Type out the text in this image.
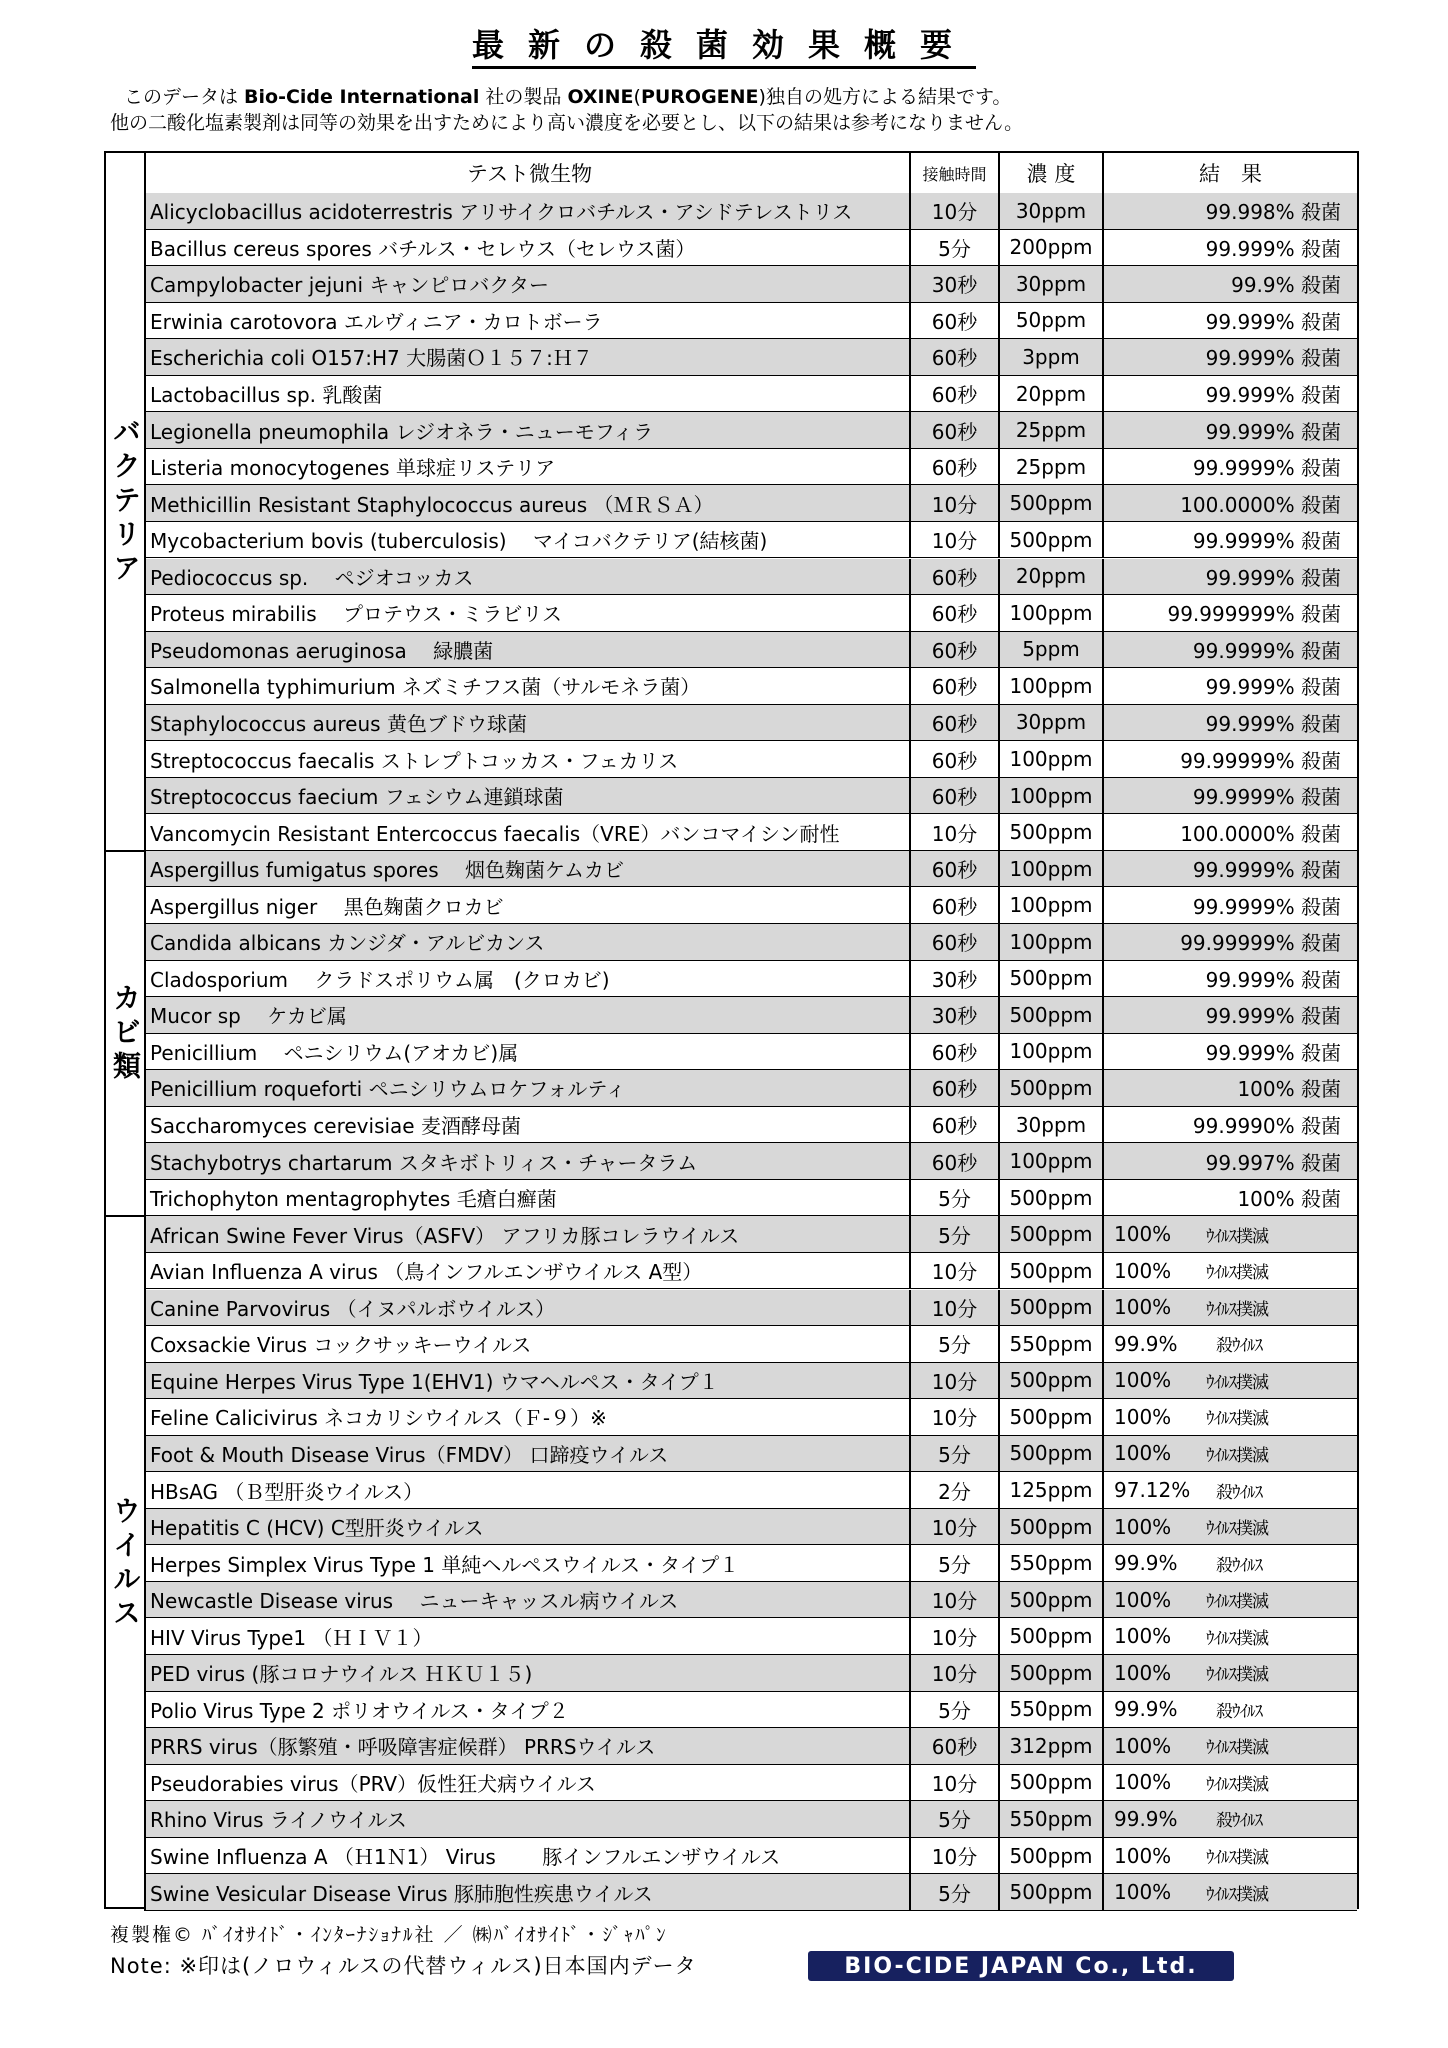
最新の殺菌効果概要
このデータは Bio-Cide International 社の製品 OXINE(PUROGENE)独自の処方による結果です。
他の二酸化塩素製剤は同等の効果を出すためにより高い濃度を必要とし、以下の結果は参考になりません。
テスト微生物	接触時間	濃 度	結　果
バクテリア
カビ類
ウイルス
Alicyclobacillus acidoterrestris アリサイクロバチルス・アシドテレストリス	10分	30ppm	99.998% 殺菌
Bacillus cereus spores バチルス・セレウス（セレウス菌）	5分	200ppm	99.999% 殺菌
Campylobacter jejuni キャンピロバクター	30秒	30ppm	99.9% 殺菌
Erwinia carotovora エルヴィニア・カロトボーラ	60秒	50ppm	99.999% 殺菌
Escherichia coli O157:H7 大腸菌Ｏ１５７:Ｈ７	60秒	3ppm	99.999% 殺菌
Lactobacillus sp. 乳酸菌	60秒	20ppm	99.999% 殺菌
Legionella pneumophila レジオネラ・ニューモフィラ	60秒	25ppm	99.999% 殺菌
Listeria monocytogenes 単球症リステリア	60秒	25ppm	99.9999% 殺菌
Methicillin Resistant Staphylococcus aureus （ＭＲＳＡ）	10分	500ppm	100.0000% 殺菌
Mycobacterium bovis (tuberculosis)　 マイコバクテリア(結核菌)	10分	500ppm	99.9999% 殺菌
Pediococcus sp.　 ペジオコッカス	60秒	20ppm	99.999% 殺菌
Proteus mirabilis　 プロテウス・ミラビリス	60秒	100ppm	99.999999% 殺菌
Pseudomonas aeruginosa　 緑膿菌	60秒	5ppm	99.9999% 殺菌
Salmonella typhimurium ネズミチフス菌（サルモネラ菌）	60秒	100ppm	99.999% 殺菌
Staphylococcus aureus 黄色ブドウ球菌	60秒	30ppm	99.999% 殺菌
Streptococcus faecalis ストレプトコッカス・フェカリス	60秒	100ppm	99.99999% 殺菌
Streptococcus faecium フェシウム連鎖球菌	60秒	100ppm	99.9999% 殺菌
Vancomycin Resistant Entercoccus faecalis（VRE）バンコマイシン耐性	10分	500ppm	100.0000% 殺菌
Aspergillus fumigatus spores　 烟色麹菌ケムカビ	60秒	100ppm	99.9999% 殺菌
Aspergillus niger　 黒色麹菌クロカビ	60秒	100ppm	99.9999% 殺菌
Candida albicans カンジダ・アルビカンス	60秒	100ppm	99.99999% 殺菌
Cladosporium　 クラドスポリウム属　(クロカビ)	30秒	500ppm	99.999% 殺菌
Mucor sp　 ケカビ属	30秒	500ppm	99.999% 殺菌
Penicillium　 ペニシリウム(アオカビ)属	60秒	100ppm	99.999% 殺菌
Penicillium roqueforti ペニシリウムロケフォルティ	60秒	500ppm	100% 殺菌
Saccharomyces cerevisiae 麦酒酵母菌	60秒	30ppm	99.9990% 殺菌
Stachybotrys chartarum スタキボトリィス・チャータラム	60秒	100ppm	99.997% 殺菌
Trichophyton mentagrophytes 毛瘡白癬菌	5分	500ppm	100% 殺菌
African Swine Fever Virus（ASFV） アフリカ豚コレラウイルス	5分	500ppm	100%	ｳｲﾙｽ撲滅
Avian Influenza A virus （鳥インフルエンザウイルス A型）	10分	500ppm	100%	ｳｲﾙｽ撲滅
Canine Parvovirus （イヌパルボウイルス）	10分	500ppm	100%	ｳｲﾙｽ撲滅
Coxsackie Virus コックサッキーウイルス	5分	550ppm	99.9%	殺ｳｲﾙｽ
Equine Herpes Virus Type 1(EHV1) ウマヘルペス・タイプ１	10分	500ppm	100%	ｳｲﾙｽ撲滅
Feline Calicivirus ネコカリシウイルス（Ｆ-９）※	10分	500ppm	100%	ｳｲﾙｽ撲滅
Foot & Mouth Disease Virus（FMDV） 口蹄疫ウイルス	5分	500ppm	100%	ｳｲﾙｽ撲滅
HBsAG （Ｂ型肝炎ウイルス）	2分	125ppm	97.12%	殺ｳｲﾙｽ
Hepatitis C (HCV) C型肝炎ウイルス	10分	500ppm	100%	ｳｲﾙｽ撲滅
Herpes Simplex Virus Type 1 単純ヘルペスウイルス・タイプ１	5分	550ppm	99.9%	殺ｳｲﾙｽ
Newcastle Disease virus　 ニューキャッスル病ウイルス	10分	500ppm	100%	ｳｲﾙｽ撲滅
HIV Virus Type1 （ＨＩＶ１）	10分	500ppm	100%	ｳｲﾙｽ撲滅
PED virus (豚コロナウイルス ＨＫＵ１５)	10分	500ppm	100%	ｳｲﾙｽ撲滅
Polio Virus Type 2 ポリオウイルス・タイプ２	5分	550ppm	99.9%	殺ｳｲﾙｽ
PRRS virus（豚繁殖・呼吸障害症候群） PRRSウイルス	60秒	312ppm	100%	ｳｲﾙｽ撲滅
Pseudorabies virus（PRV）仮性狂犬病ウイルス	10分	500ppm	100%	ｳｲﾙｽ撲滅
Rhino Virus ライノウイルス	5分	550ppm	99.9%	殺ｳｲﾙｽ
Swine Influenza A （Ｈ1Ｎ1） Virus　　 豚インフルエンザウイルス	10分	500ppm	100%	ｳｲﾙｽ撲滅
Swine Vesicular Disease Virus 豚肺胞性疾患ウイルス	5分	500ppm	100%	ｳｲﾙｽ撲滅
複製権© ﾊﾞｲｵｻｲﾄﾞ・ｲﾝﾀｰﾅｼｮﾅﾙ社 ／ ㈱ﾊﾞｲｵｻｲﾄﾞ・ｼﾞｬﾊﾟﾝ
Note: ※印は(ノロウィルスの代替ウィルス)日本国内データ	BIO-CIDE JAPAN Co., Ltd.
